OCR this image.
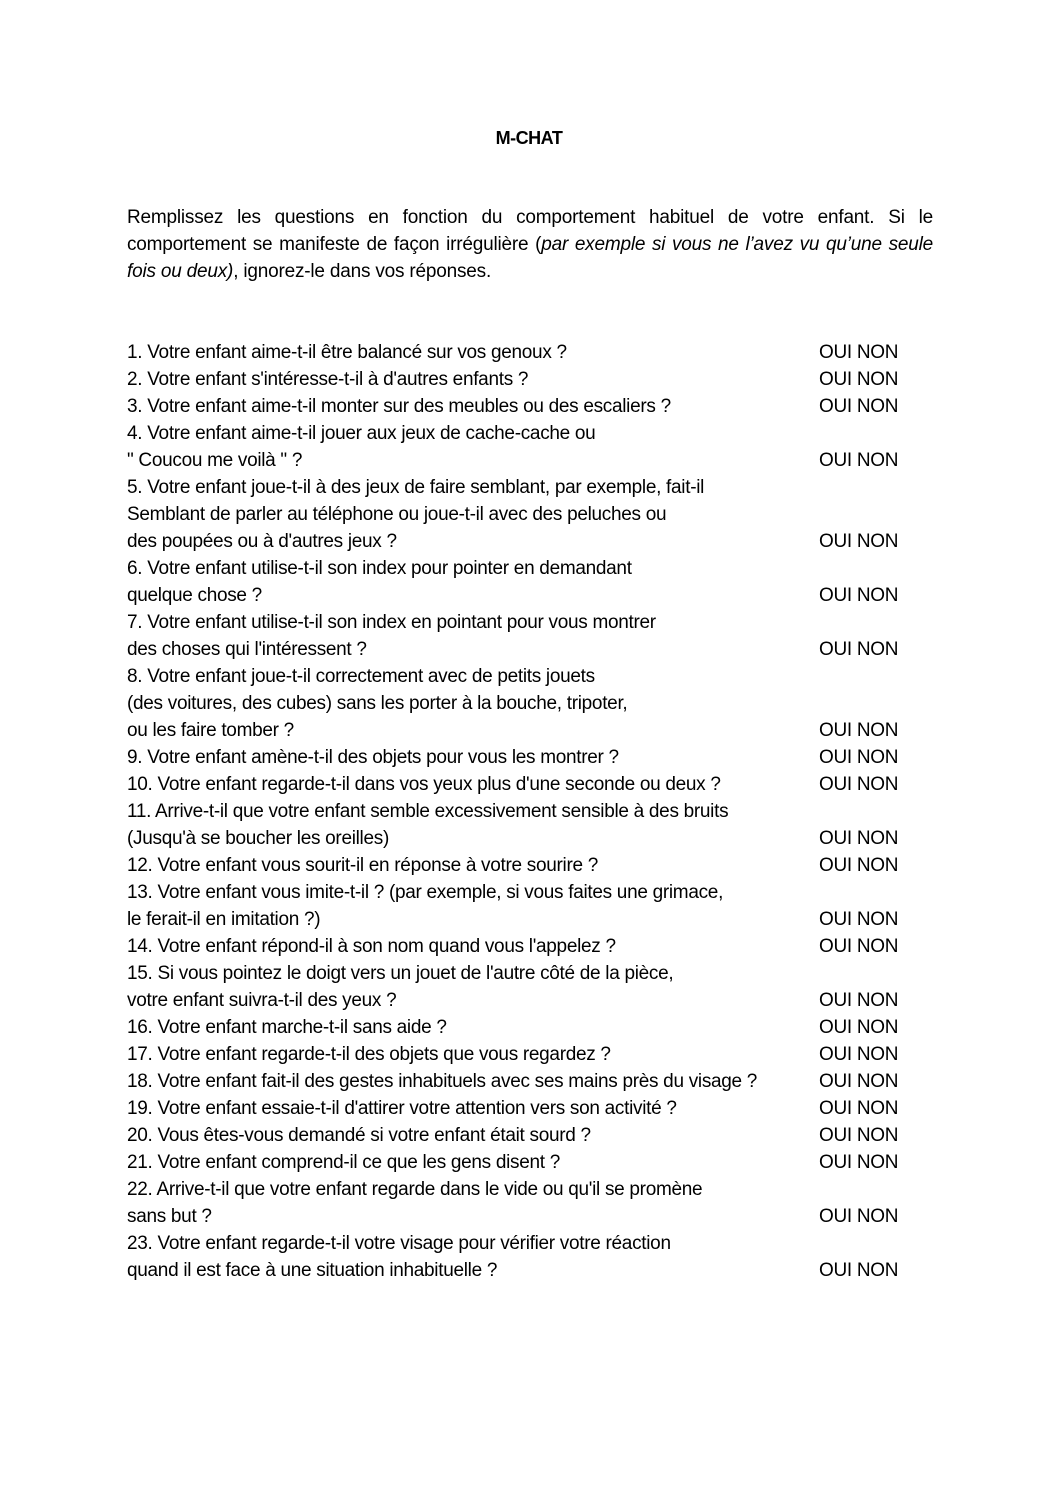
M-CHAT

Remplissez les questions en fonction du comportement habituel de votre enfant. Si le comportement se manifeste de façon irrégulière (par exemple si vous ne l’avez vu qu’une seule fois ou deux), ignorez-le dans vos réponses.

1. Votre enfant aime-t-il être balancé sur vos genoux ?	OUI NON
2. Votre enfant s'intéresse-t-il à d'autres enfants ?	OUI NON
3. Votre enfant aime-t-il monter sur des meubles ou des escaliers ?	OUI NON
4. Votre enfant aime-t-il jouer aux jeux de cache-cache ou
" Coucou me voilà " ?	OUI NON
5. Votre enfant joue-t-il à des jeux de faire semblant, par exemple, fait-il
Semblant de parler au téléphone ou joue-t-il avec des peluches ou
des poupées ou à d'autres jeux ?	OUI NON
6. Votre enfant utilise-t-il son index pour pointer en demandant
quelque chose ?	OUI NON
7. Votre enfant utilise-t-il son index en pointant pour vous montrer
des choses qui l'intéressent ?	OUI NON
8. Votre enfant joue-t-il correctement avec de petits jouets
(des voitures, des cubes) sans les porter à la bouche, tripoter,
ou les faire tomber ?	OUI NON
9. Votre enfant amène-t-il des objets pour vous les montrer ?	OUI NON
10. Votre enfant regarde-t-il dans vos yeux plus d'une seconde ou deux ?	OUI NON
11. Arrive-t-il que votre enfant semble excessivement sensible à des bruits
(Jusqu'à se boucher les oreilles)	OUI NON
12. Votre enfant vous sourit-il en réponse à votre sourire ?	OUI NON
13. Votre enfant vous imite-t-il ? (par exemple, si vous faites une grimace,
le ferait-il en imitation ?)	OUI NON
14. Votre enfant répond-il à son nom quand vous l'appelez ?	OUI NON
15. Si vous pointez le doigt vers un jouet de l'autre côté de la pièce,
votre enfant suivra-t-il des yeux ?	OUI NON
16. Votre enfant marche-t-il sans aide ?	OUI NON
17. Votre enfant regarde-t-il des objets que vous regardez ?	OUI NON
18. Votre enfant fait-il des gestes inhabituels avec ses mains près du visage ?	OUI NON
19. Votre enfant essaie-t-il d'attirer votre attention vers son activité ?	OUI NON
20. Vous êtes-vous demandé si votre enfant était sourd ?	OUI NON
21. Votre enfant comprend-il ce que les gens disent ?	OUI NON
22. Arrive-t-il que votre enfant regarde dans le vide ou qu'il se promène
sans but ?	OUI NON
23. Votre enfant regarde-t-il votre visage pour vérifier votre réaction
quand il est face à une situation inhabituelle ?	OUI NON
